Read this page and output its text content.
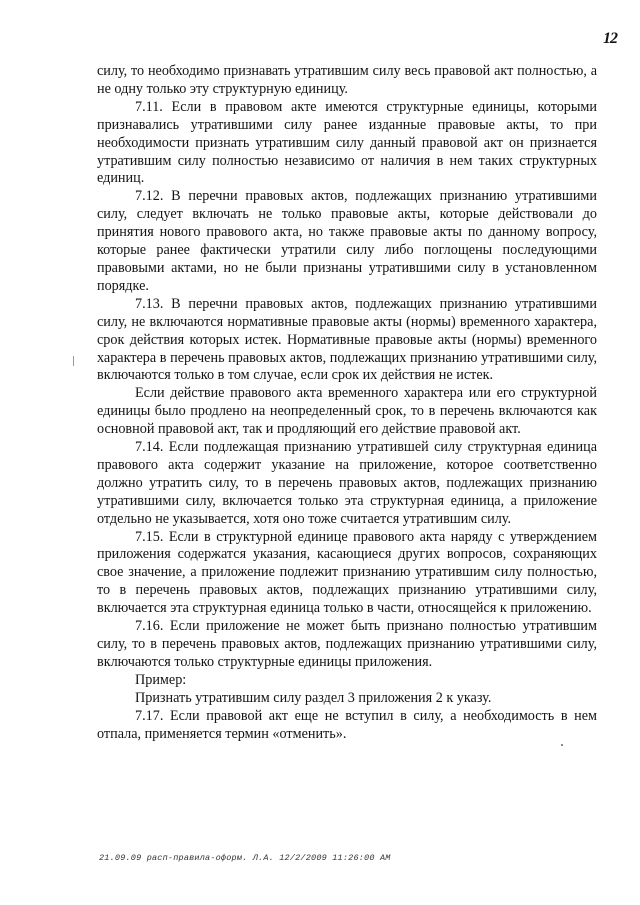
12

силу, то необходимо признавать утратившим силу весь правовой акт полностью, а не одну только эту структурную единицу.

7.11. Если в правовом акте имеются структурные единицы, которыми признавались утратившими силу ранее изданные правовые акты, то при необходимости признать утратившим силу данный правовой акт он признается утратившим силу полностью независимо от наличия в нем таких структурных единиц.

7.12. В перечни правовых актов, подлежащих признанию утратившими силу, следует включать не только правовые акты, которые действовали до принятия нового правового акта, но также правовые акты по данному вопросу, которые ранее фактически утратили силу либо поглощены последующими правовыми актами, но не были признаны утратившими силу в установленном порядке.

7.13. В перечни правовых актов, подлежащих признанию утратившими силу, не включаются нормативные правовые акты (нормы) временного характера, срок действия которых истек. Нормативные правовые акты (нормы) временного характера в перечень правовых актов, подлежащих признанию утратившими силу, включаются только в том случае, если срок их действия не истек.

Если действие правового акта временного характера или его структурной единицы было продлено на неопределенный срок, то в перечень включаются как основной правовой акт, так и продляющий его действие правовой акт.

7.14. Если подлежащая признанию утратившей силу структурная единица правового акта содержит указание на приложение, которое соответственно должно утратить силу, то в перечень правовых актов, подлежащих признанию утратившими силу, включается только эта структурная единица, а приложение отдельно не указывается, хотя оно тоже считается утратившим силу.

7.15. Если в структурной единице правового акта наряду с утверждением приложения содержатся указания, касающиеся других вопросов, сохраняющих свое значение, а приложение подлежит признанию утратившим силу полностью, то в перечень правовых актов, подлежащих признанию утратившими силу, включается эта структурная единица только в части, относящейся к приложению.

7.16. Если приложение не может быть признано полностью утратившим силу, то в перечень правовых актов, подлежащих признанию утратившими силу, включаются только структурные единицы приложения.

Пример:

Признать утратившим силу раздел 3 приложения 2 к указу.

7.17. Если правовой акт еще не вступил в силу, а необходимость в нем отпала, применяется термин «отменить».

21.09.09 расп-правила-оформ. Л.А. 12/2/2009 11:26:00 AM
